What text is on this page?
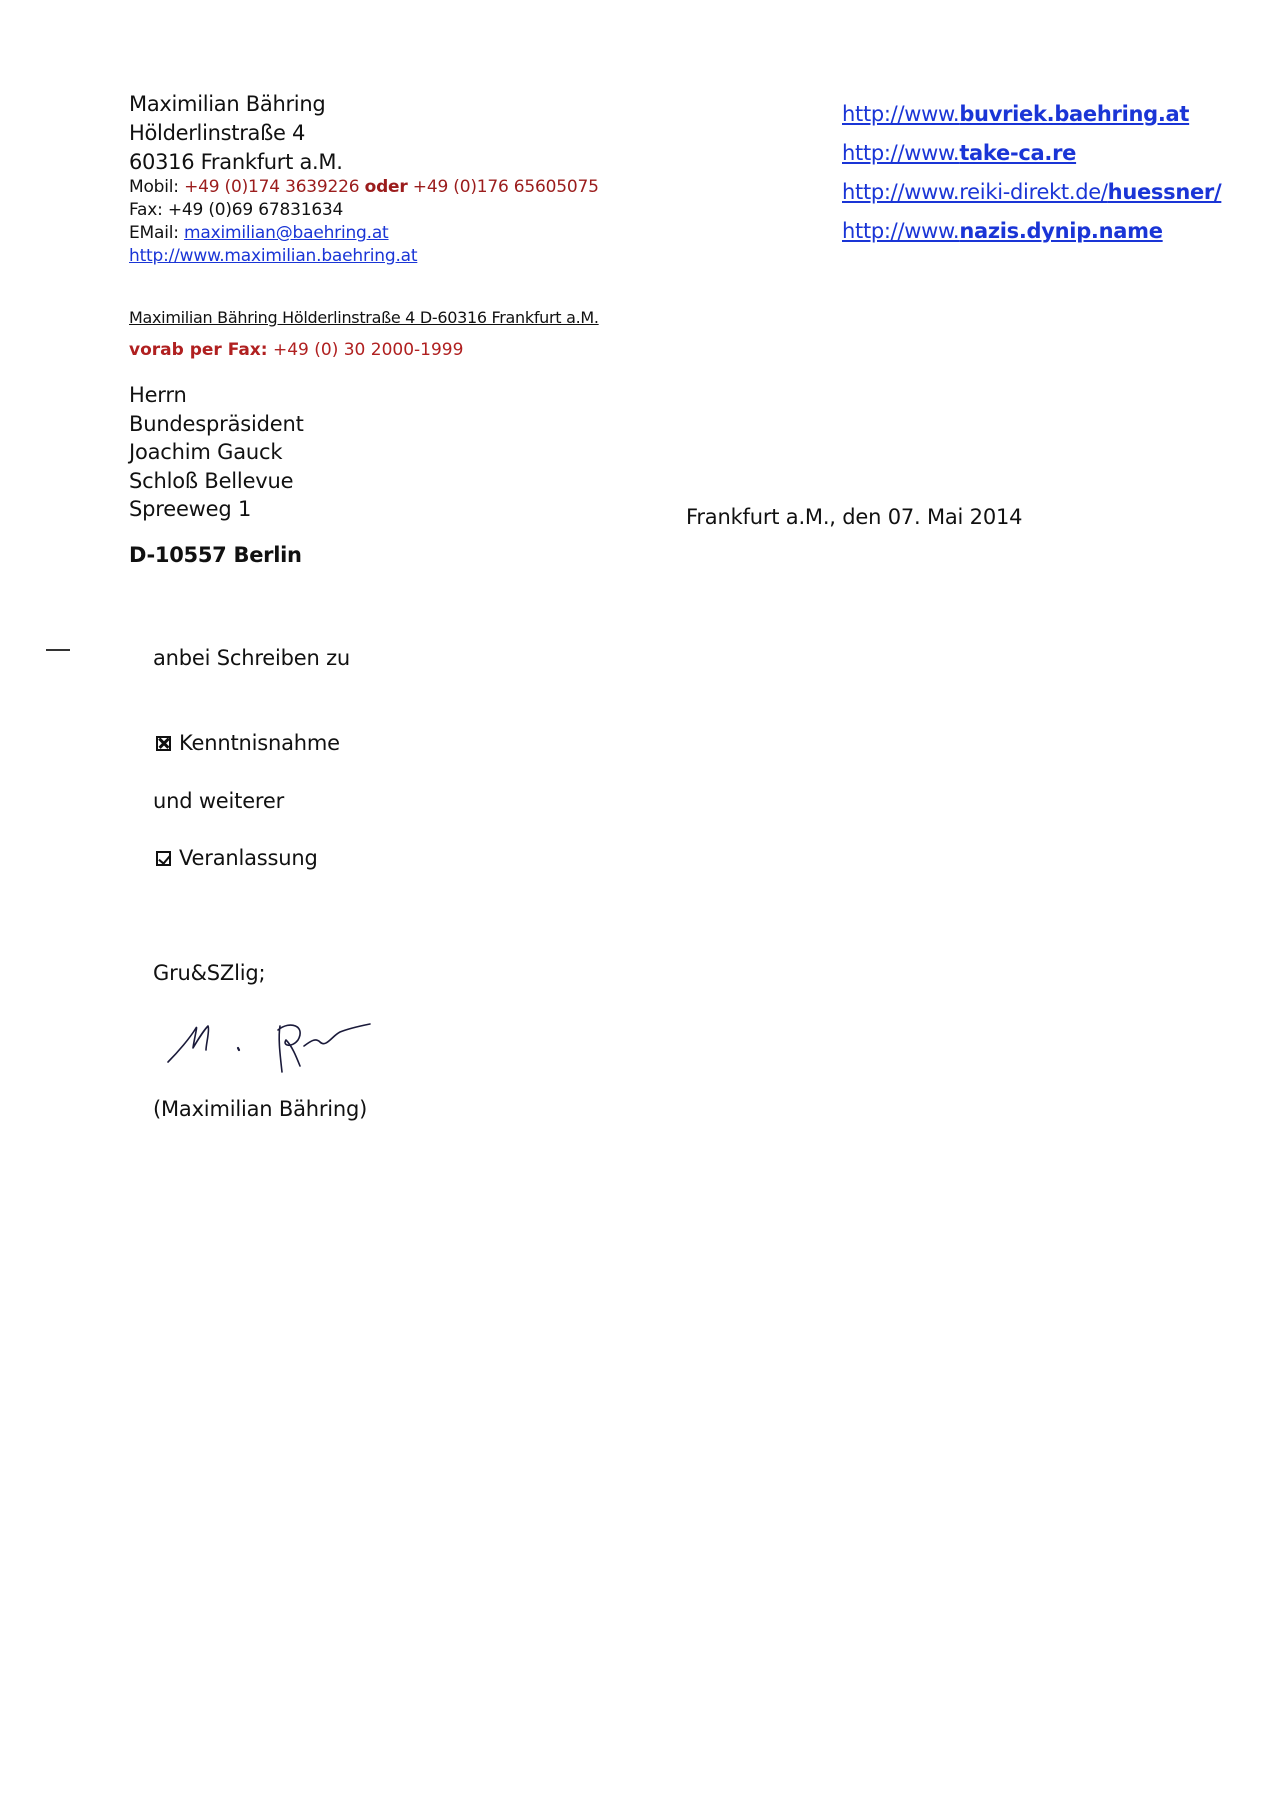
Maximilian Bähring
Hölderlinstraße 4
60316 Frankfurt a.M.
Mobil: +49 (0)174 3639226 oder +49 (0)176 65605075
Fax: +49 (0)69 67831634
EMail: maximilian@baehring.at
http://www.maximilian.baehring.at
http://www.buvriek.baehring.at
http://www.take-ca.re
http://www.reiki-direkt.de/huessner/
http://www.nazis.dynip.name
Maximilian Bähring Hölderlinstraße 4 D-60316 Frankfurt a.M.
vorab per Fax: +49 (0) 30 2000-1999
Herrn
Bundespräsident
Joachim Gauck
Schloß Bellevue
Spreeweg 1
D-10557 Berlin
Frankfurt a.M., den 07. Mai 2014
anbei Schreiben zu
Kenntnisnahme
und weiterer
Veranlassung
Gru&SZlig;
(Maximilian Bähring)
